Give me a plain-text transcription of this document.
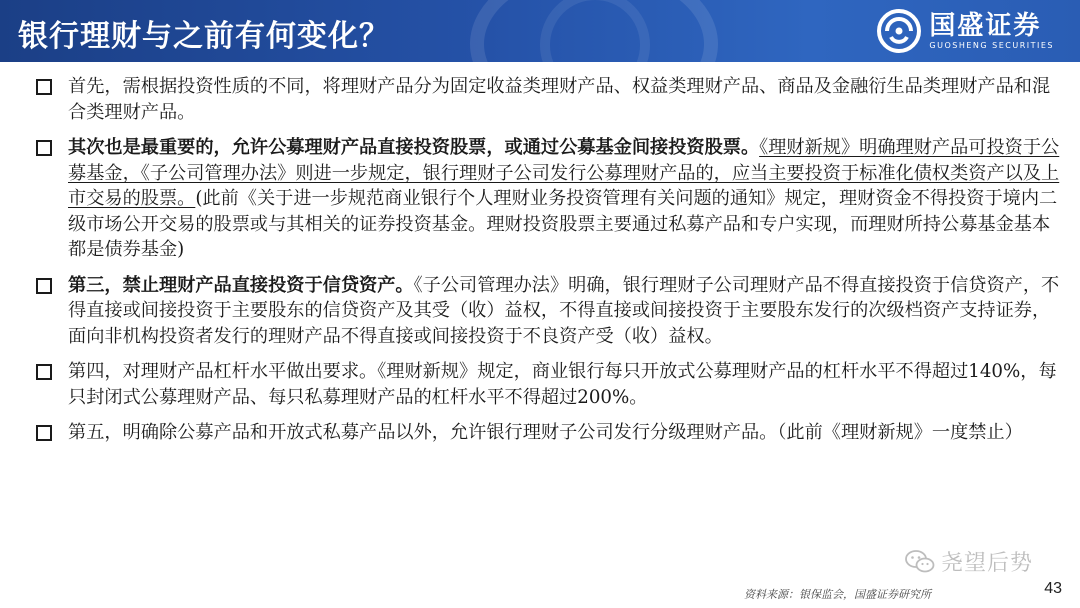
银行理财与之前有何变化？	国盛证券
GUOSHENG SECURITIES
首先，需根据投资性质的不同，将理财产品分为固定收益类理财产品、权益类理财产品、商品及金融衍生品类理财产品和混合类理财产品。
其次也是最重要的，允许公募理财产品直接投资股票，或通过公募基金间接投资股票。《理财新规》明确理财产品可投资于公募基金，《子公司管理办法》则进一步规定，银行理财子公司发行公募理财产品的，应当主要投资于标准化债权类资产以及上市交易的股票。(此前《关于进一步规范商业银行个人理财业务投资管理有关问题的通知》规定，理财资金不得投资于境内二级市场公开交易的股票或与其相关的证券投资基金。理财投资股票主要通过私募产品和专户实现，而理财所持公募基金基本都是债券基金)
第三，禁止理财产品直接投资于信贷资产。《子公司管理办法》明确，银行理财子公司理财产品不得直接投资于信贷资产，不得直接或间接投资于主要股东的信贷资产及其受（收）益权，不得直接或间接投资于主要股东发行的次级档资产支持证券，面向非机构投资者发行的理财产品不得直接或间接投资于不良资产受（收）益权。
第四，对理财产品杠杆水平做出要求。《理财新规》规定，商业银行每只开放式公募理财产品的杠杆水平不得超过140%，每只封闭式公募理财产品、每只私募理财产品的杠杆水平不得超过200%。
第五，明确除公募产品和开放式私募产品以外，允许银行理财子公司发行分级理财产品。（此前《理财新规》一度禁止）
尧望后势
资料来源：银保监会，国盛证券研究所	43
